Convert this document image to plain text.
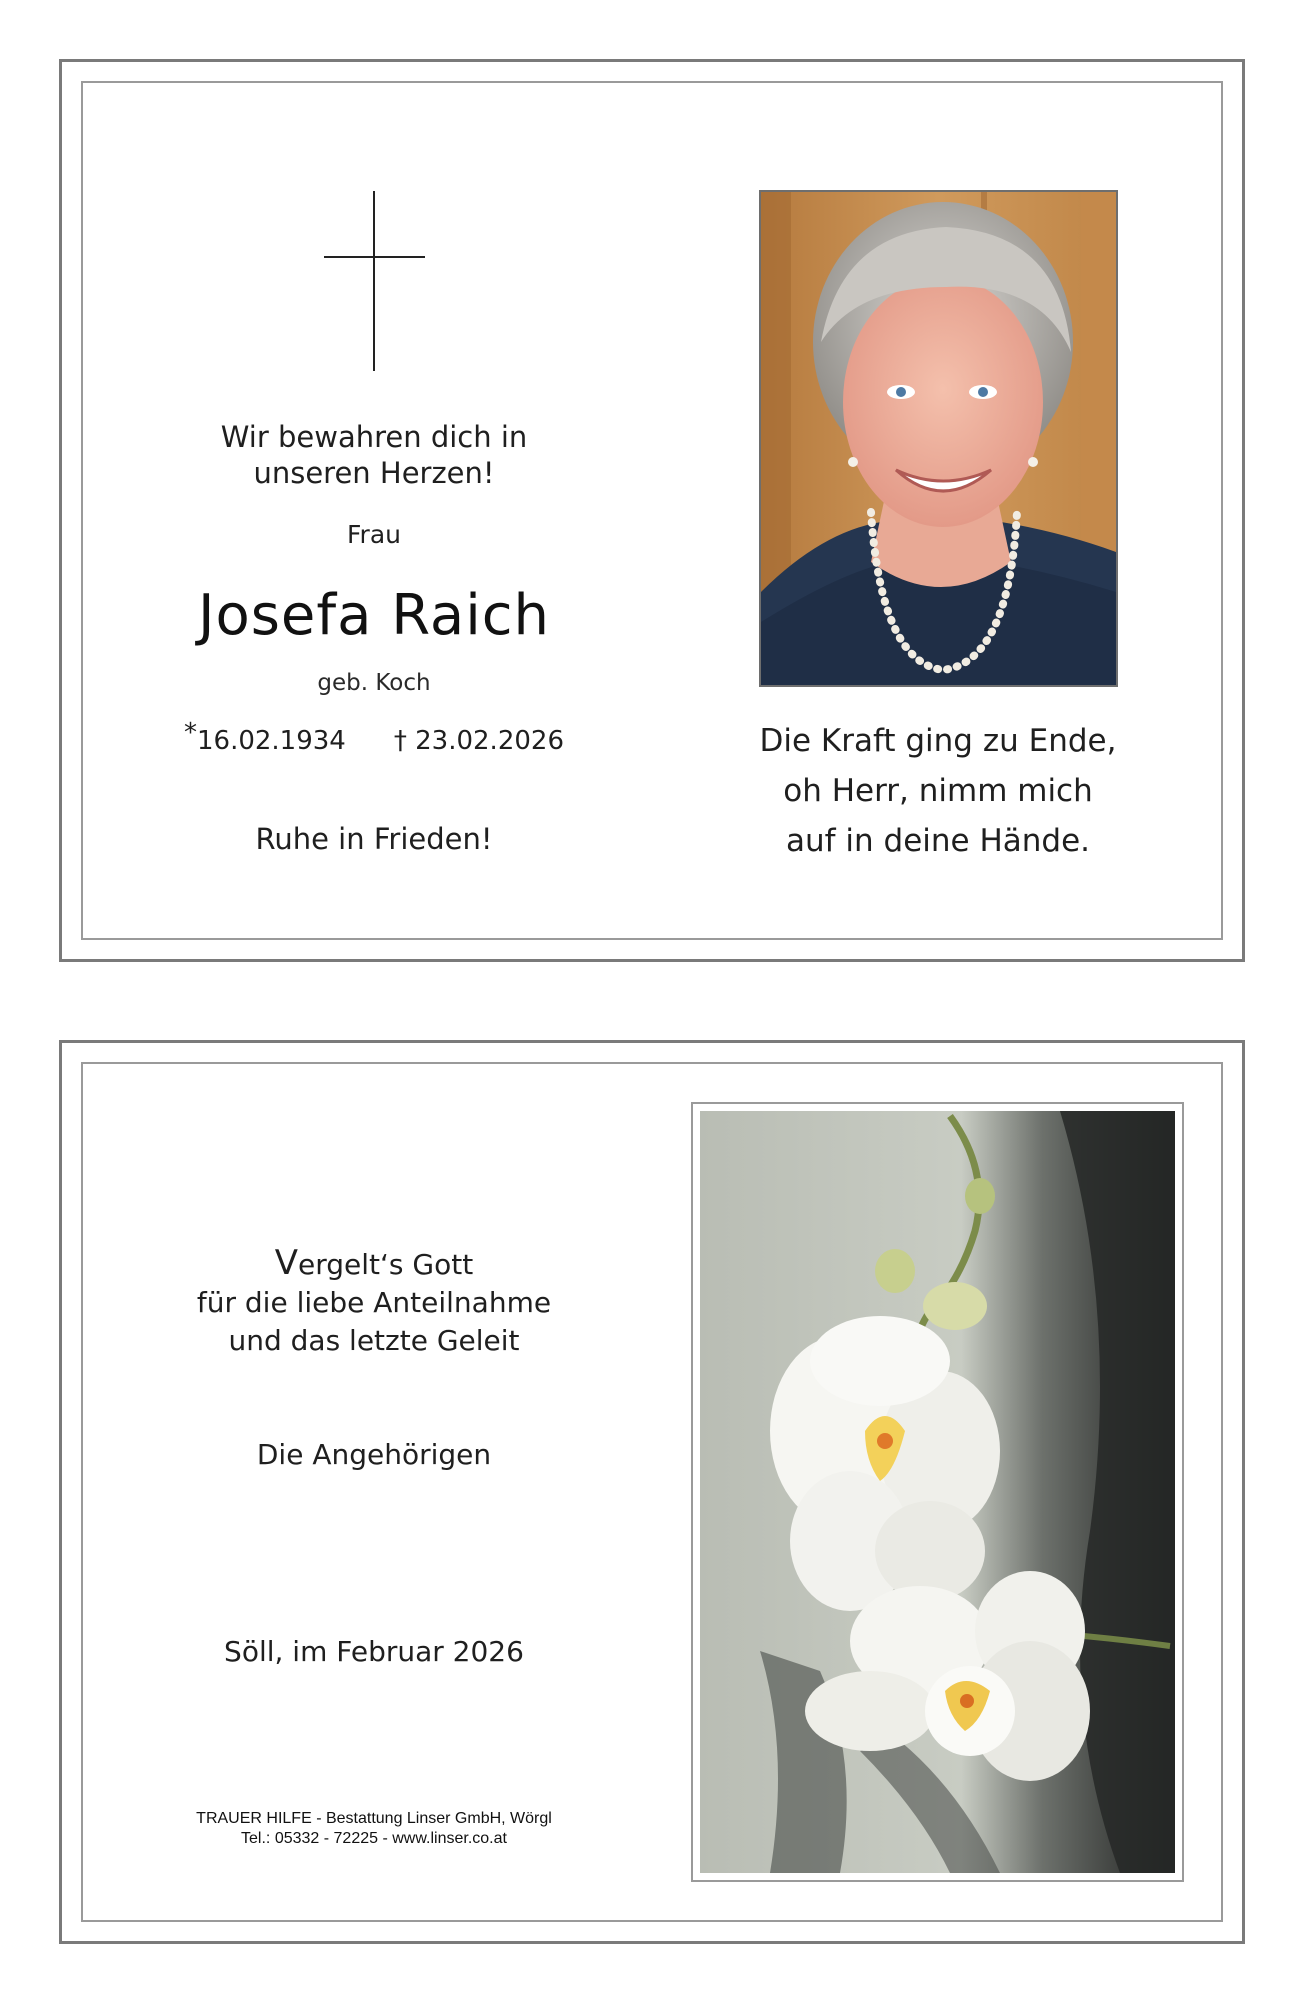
Wir bewahren dich in
unseren Herzen!
Frau
Josefa Raich
geb. Koch
*16.02.1934 † 23.02.2026
Ruhe in Frieden!
Die Kraft ging zu Ende,
oh Herr, nimm mich
auf in deine Hände.
Vergelt‘s Gott
für die liebe Anteilnahme
und das letzte Geleit
Die Angehörigen
Söll, im Februar 2026
TRAUER HILFE - Bestattung Linser GmbH, Wörgl
Tel.: 05332 - 72225 - www.linser.co.at
